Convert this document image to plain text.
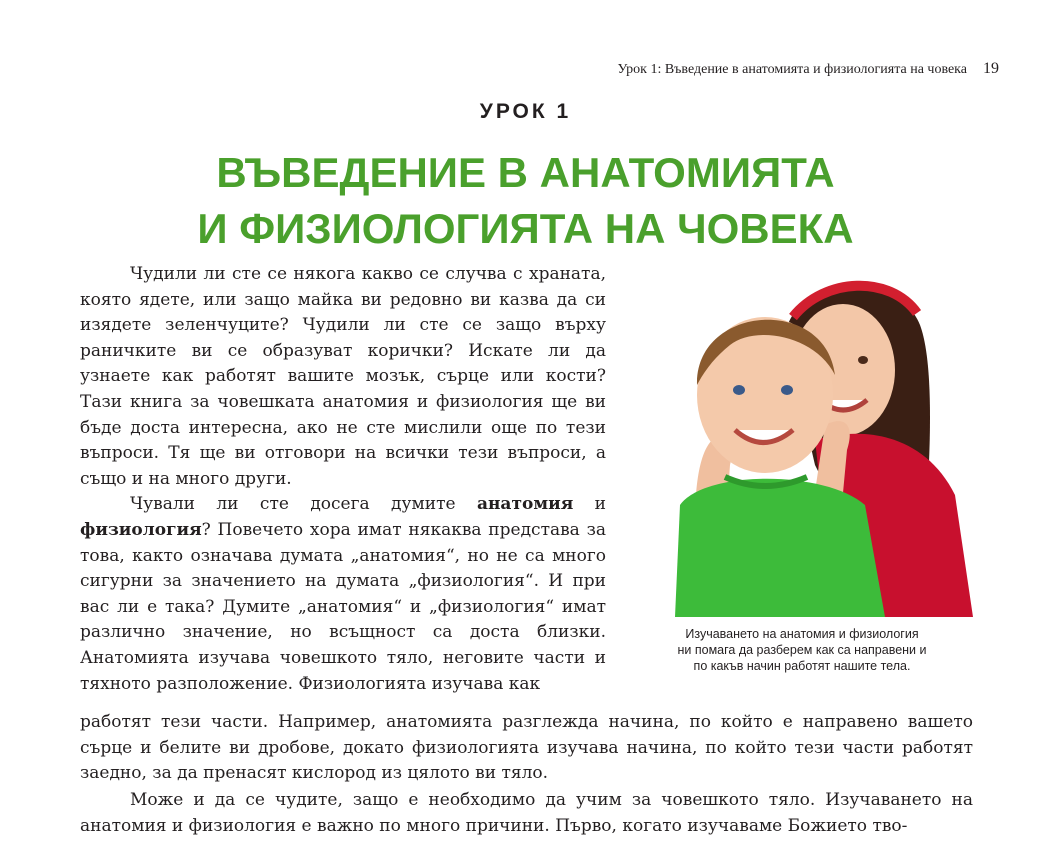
Урок 1: Въведение в анатомията и физиологията на човека 19
УРОК 1
ВЪВЕДЕНИЕ В АНАТОМИЯТА
И ФИЗИОЛОГИЯТА НА ЧОВЕКА

Чудили ли сте се някога какво се случва с храната, която ядете, или защо майка ви редовно ви казва да си изядете зеленчуците? Чудили ли сте се защо върху раничките ви се образуват корички? Искате ли да узнаете как работят вашите мозък, сърце или кости? Тази книга за човешката анатомия и физиология ще ви бъде доста интересна, ако не сте мислили още по тези въпроси. Тя ще ви отговори на всички тези въпроси, а също и на много други.

Чували ли сте досега думите анатомия и физиология? Повечето хора имат някаква представа за това, както означава думата „анатомия“, но не са много сигурни за значението на думата „физиология“. И при вас ли е така? Думите „анатомия“ и „физиология“ имат различно значение, но всъщност са доста близки. Анатомията изучава човешкото тяло, неговите части и тяхното разположение. Физиологията изучава как

работят тези части. Например, анатомията разглежда начина, по който е направено вашето сърце и белите ви дробове, докато физиологията изучава начина, по който тези части работят заедно, за да пренасят кислород из цялото ви тяло.

Може и да се чудите, защо е необходимо да учим за човешкото тяло. Изучаването на анатомия и физиология е важно по много причини. Първо, когато изучаваме Божието тво-

Изучаването на анатомия и физиология
ни помага да разберем как са направени и
по какъв начин работят нашите тела.
